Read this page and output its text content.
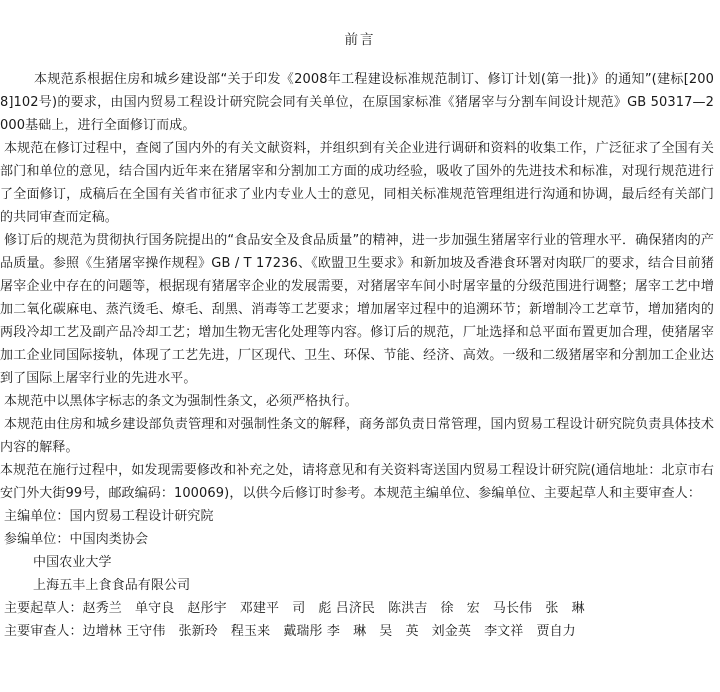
前言

本规范系根据住房和城乡建设部“关于印发《2008年工程建设标准规范制订、修订计划(第一批)》的通知”(建标[2008]102号)的要求，由国内贸易工程设计研究院会同有关单位，在原国家标准《猪屠宰与分割车间设计规范》GB 50317—2000基础上，进行全面修订而成。

本规范在修订过程中，查阅了国内外的有关文献资料，并组织到有关企业进行调研和资料的收集工作，广泛征求了全国有关部门和单位的意见，结合国内近年来在猪屠宰和分割加工方面的成功经验，吸收了国外的先进技术和标准，对现行规范进行了全面修订，成稿后在全国有关省市征求了业内专业人士的意见，同相关标准规范管理组进行沟通和协调，最后经有关部门的共同审查而定稿。

修订后的规范为贯彻执行国务院提出的“食品安全及食品质量”的精神，进一步加强生猪屠宰行业的管理水平．确保猪肉的产品质量。参照《生猪屠宰操作规程》GB / T 17236、《欧盟卫生要求》和新加坡及香港食环署对肉联厂的要求，结合目前猪屠宰企业中存在的问题等，根据现有猪屠宰企业的发展需要，对猪屠宰车间小时屠宰量的分级范围进行调整；屠宰工艺中增加二氧化碳麻电、蒸汽烫毛、燎毛、刮黑、消毒等工艺要求；增加屠宰过程中的追溯环节；新增制冷工艺章节，增加猪肉的两段冷却工艺及副产品冷却工艺；增加生物无害化处理等内容。修订后的规范，厂址选择和总平面布置更加合理，使猪屠宰加工企业同国际接轨，体现了工艺先进，厂区现代、卫生、环保、节能、经济、高效。一级和二级猪屠宰和分割加工企业达到了国际上屠宰行业的先进水平。

本规范中以黑体字标志的条文为强制性条文，必须严格执行。

本规范由住房和城乡建设部负责管理和对强制性条文的解释，商务部负责日常管理，国内贸易工程设计研究院负责具体技术内容的解释。

本规范在施行过程中，如发现需要修改和补充之处，请将意见和有关资料寄送国内贸易工程设计研究院(通信地址：北京市右安门外大街99号，邮政编码：100069)，以供今后修订时参考。本规范主编单位、参编单位、主要起草人和主要审查人：

主编单位：国内贸易工程设计研究院

参编单位：中国肉类协会

中国农业大学

上海五丰上食食品有限公司

主要起草人：赵秀兰　单守良　赵彤宇　邓建平　司　彪 吕济民　陈洪吉　徐　宏　马长伟　张　琳

主要审查人：边增林 王守伟　张新玲　程玉来　戴瑞彤 李　琳　吴　英　刘金英　李文祥　贾自力
